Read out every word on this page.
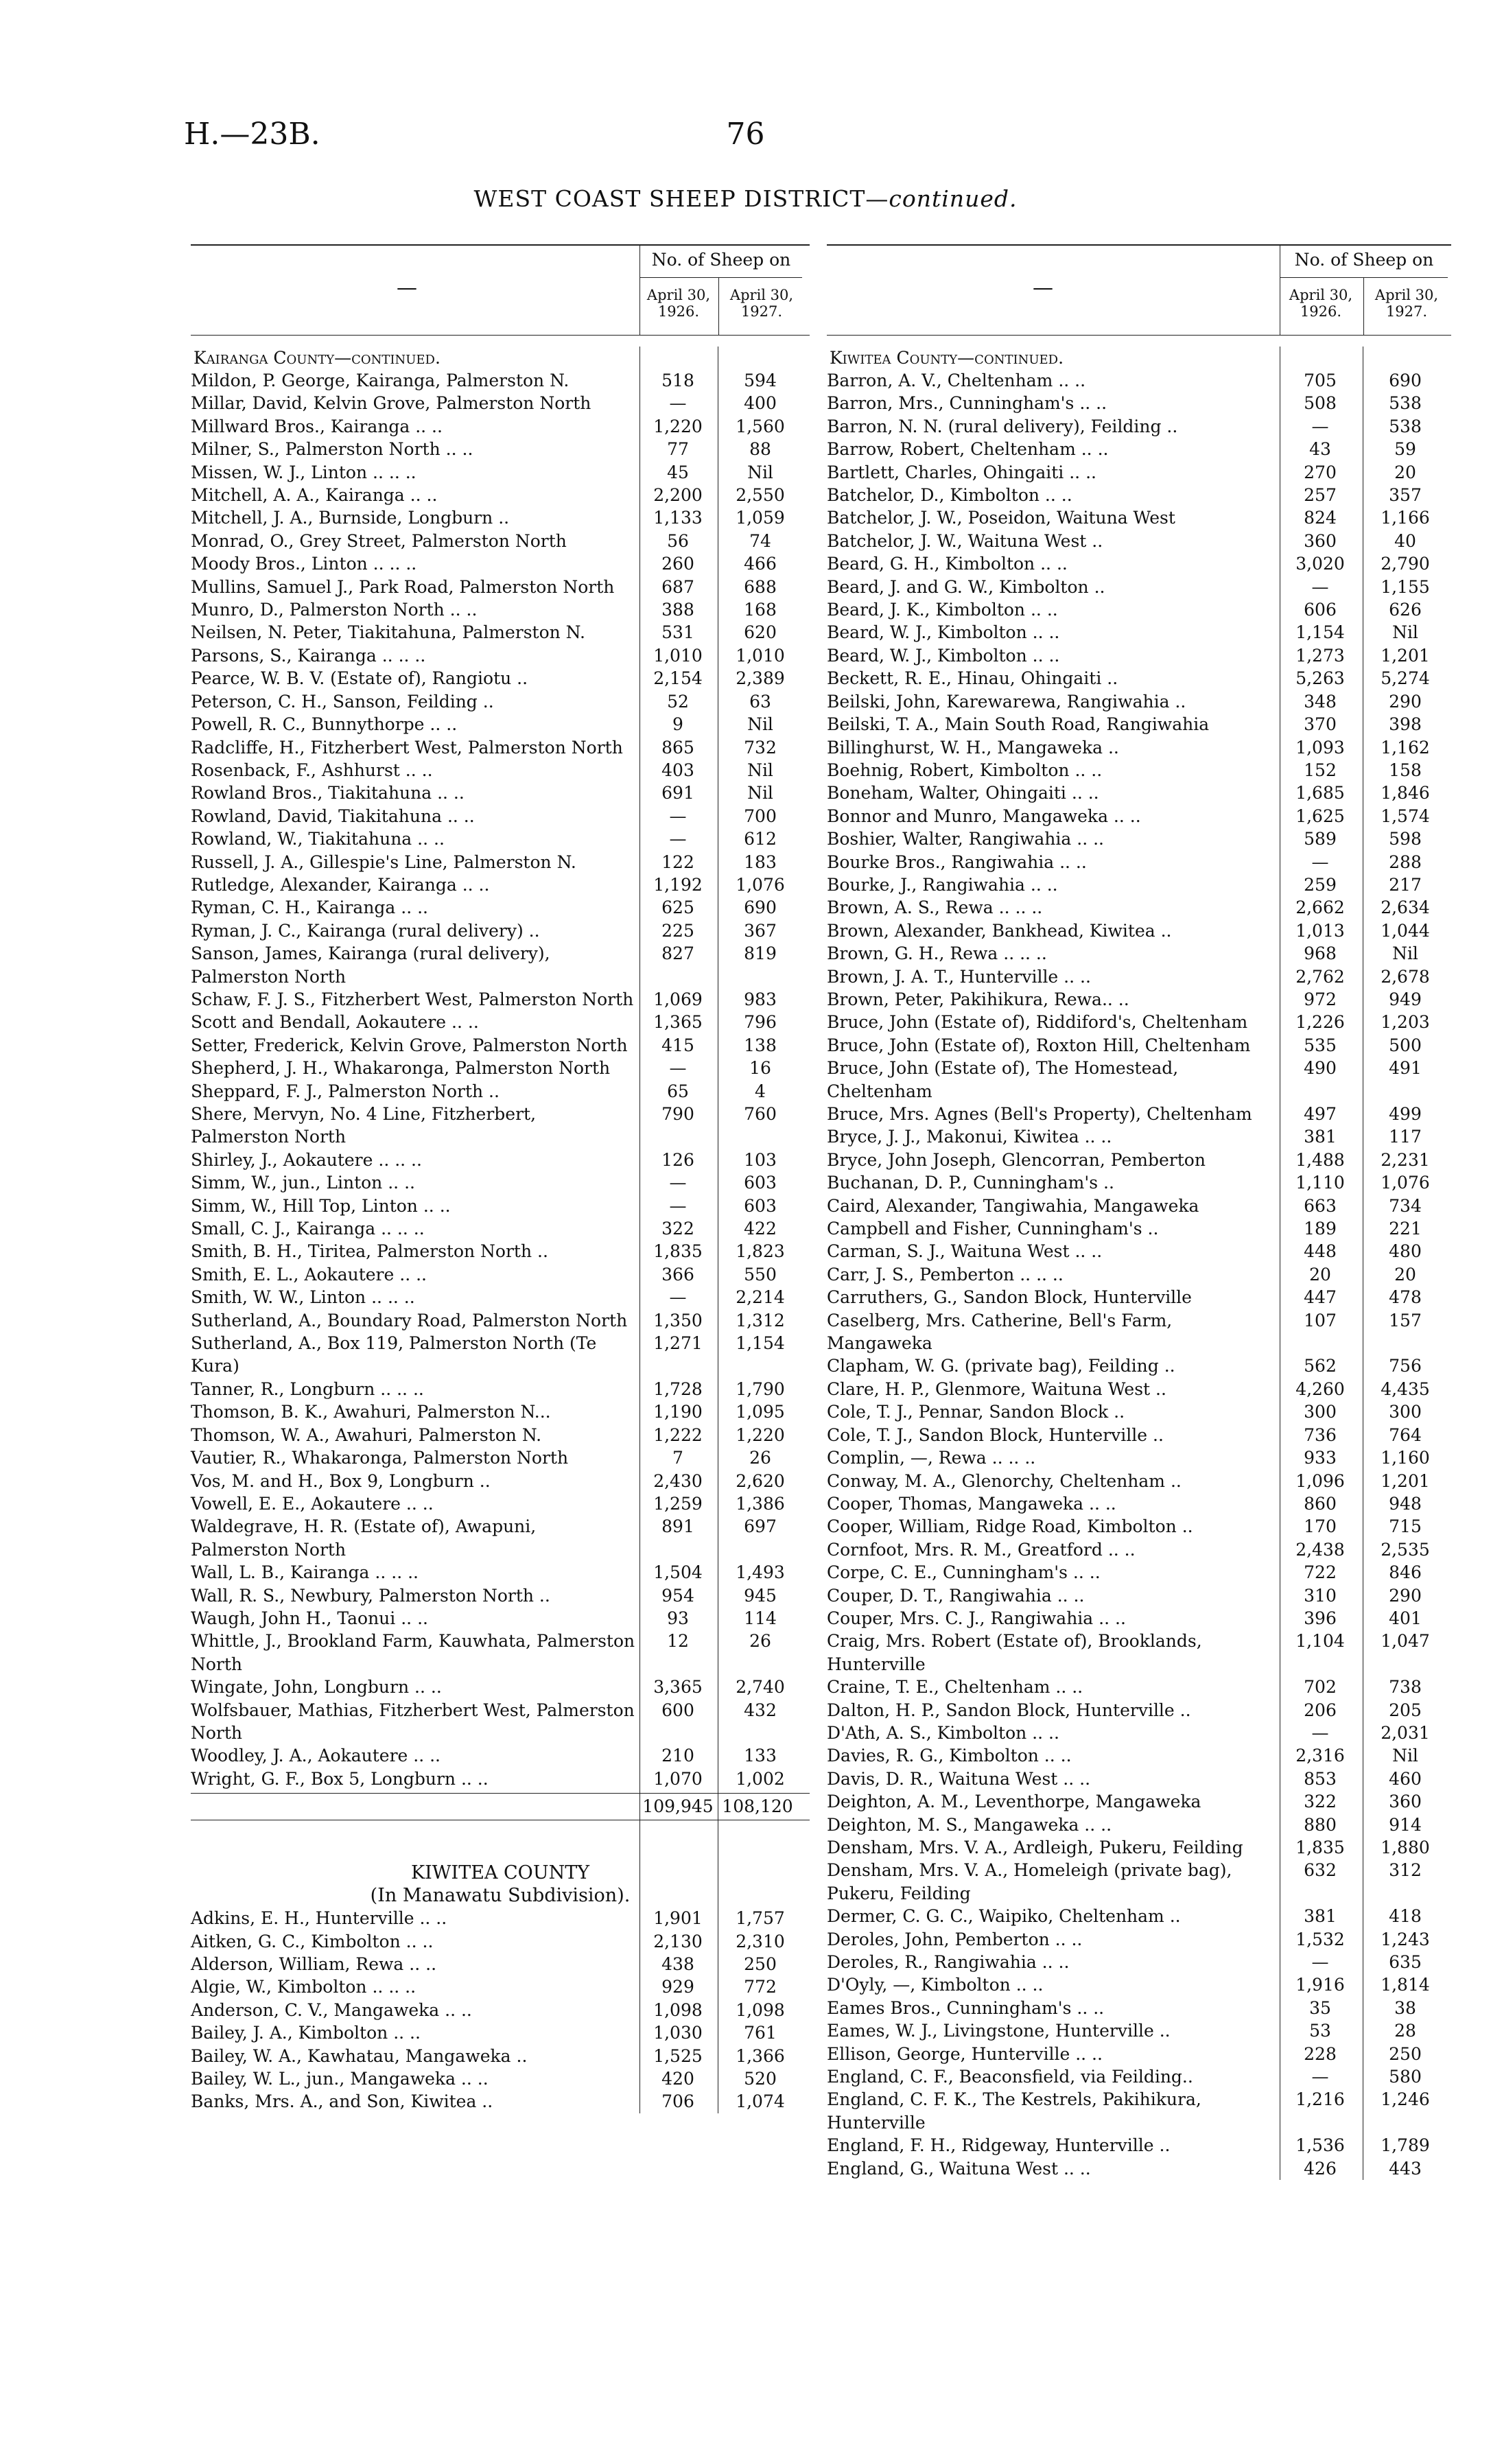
H.—23B.	76
WEST COAST SHEEP DISTRICT—continued.
—
No. of Sheep on
April 30, 1926.
April 30, 1927.
Kairanga County—continued.
Mildon, P. George, Kairanga, Palmerston N.	518	594
Millar, David, Kelvin Grove, Palmerston North	—	400
Millward Bros., Kairanga .. ..	1,220	1,560
Milner, S., Palmerston North .. ..	77	88
Missen, W. J., Linton .. .. ..	45	Nil
Mitchell, A. A., Kairanga .. ..	2,200	2,550
Mitchell, J. A., Burnside, Longburn ..	1,133	1,059
Monrad, O., Grey Street, Palmerston North	56	74
Moody Bros., Linton .. .. ..	260	466
Mullins, Samuel J., Park Road, Palmerston North	687	688
Munro, D., Palmerston North .. ..	388	168
Neilsen, N. Peter, Tiakitahuna, Palmerston N.	531	620
Parsons, S., Kairanga .. .. ..	1,010	1,010
Pearce, W. B. V. (Estate of), Rangiotu ..	2,154	2,389
Peterson, C. H., Sanson, Feilding ..	52	63
Powell, R. C., Bunnythorpe .. ..	9	Nil
Radcliffe, H., Fitzherbert West, Palmerston North	865	732
Rosenback, F., Ashhurst .. ..	403	Nil
Rowland Bros., Tiakitahuna .. ..	691	Nil
Rowland, David, Tiakitahuna .. ..	—	700
Rowland, W., Tiakitahuna .. ..	—	612
Russell, J. A., Gillespie's Line, Palmerston N.	122	183
Rutledge, Alexander, Kairanga .. ..	1,192	1,076
Ryman, C. H., Kairanga .. ..	625	690
Ryman, J. C., Kairanga (rural delivery) ..	225	367
Sanson, James, Kairanga (rural delivery), Palmerston North
827	819
Schaw, F. J. S., Fitzherbert West, Palmerston North	1,069	983
Scott and Bendall, Aokautere .. ..	1,365	796
Setter, Frederick, Kelvin Grove, Palmerston North	415	138
Shepherd, J. H., Whakaronga, Palmerston North	—	16
Sheppard, F. J., Palmerston North ..	65	4
Shere, Mervyn, No. 4 Line, Fitzherbert, Palmerston North
790	760
Shirley, J., Aokautere .. .. ..	126	103
Simm, W., jun., Linton .. ..	—	603
Simm, W., Hill Top, Linton .. ..	—	603
Small, C. J., Kairanga .. .. ..	322	422
Smith, B. H., Tiritea, Palmerston North ..	1,835	1,823
Smith, E. L., Aokautere .. ..	366	550
Smith, W. W., Linton .. .. ..	—	2,214
Sutherland, A., Boundary Road, Palmerston North	1,350	1,312
Sutherland, A., Box 119, Palmerston North (Te Kura)
1,271	1,154
Tanner, R., Longburn .. .. ..	1,728	1,790
Thomson, B. K., Awahuri, Palmerston N...	1,190	1,095
Thomson, W. A., Awahuri, Palmerston N.	1,222	1,220
Vautier, R., Whakaronga, Palmerston North	7	26
Vos, M. and H., Box 9, Longburn ..	2,430	2,620
Vowell, E. E., Aokautere .. ..	1,259	1,386
Waldegrave, H. R. (Estate of), Awapuni, Palmerston North
891	697
Wall, L. B., Kairanga .. .. ..	1,504	1,493
Wall, R. S., Newbury, Palmerston North ..	954	945
Waugh, John H., Taonui .. ..	93	114
Whittle, J., Brookland Farm, Kauwhata, Palmerston North
12	26
Wingate, John, Longburn .. ..	3,365	2,740
Wolfsbauer, Mathias, Fitzherbert West, Palmerston North
600	432
Woodley, J. A., Aokautere .. ..	210	133
Wright, G. F., Box 5, Longburn .. ..	1,070	1,002
109,945 108,120
KIWITEA COUNTY
(In Manawatu Subdivision).
Adkins, E. H., Hunterville .. ..	1,901	1,757
Aitken, G. C., Kimbolton .. ..	2,130	2,310
Alderson, William, Rewa .. ..	438	250
Algie, W., Kimbolton .. .. ..	929	772
Anderson, C. V., Mangaweka .. ..	1,098	1,098
Bailey, J. A., Kimbolton .. ..	1,030	761
Bailey, W. A., Kawhatau, Mangaweka ..	1,525	1,366
Bailey, W. L., jun., Mangaweka .. ..	420	520
Banks, Mrs. A., and Son, Kiwitea ..	706	1,074
—
No. of Sheep on
April 30, 1926.
April 30, 1927.
Kiwitea County—continued.
Barron, A. V., Cheltenham .. ..	705	690
Barron, Mrs., Cunningham's .. ..	508	538
Barron, N. N. (rural delivery), Feilding ..	—	538
Barrow, Robert, Cheltenham .. ..	43	59
Bartlett, Charles, Ohingaiti .. ..	270	20
Batchelor, D., Kimbolton .. ..	257	357
Batchelor, J. W., Poseidon, Waituna West	824	1,166
Batchelor, J. W., Waituna West ..	360	40
Beard, G. H., Kimbolton .. ..	3,020	2,790
Beard, J. and G. W., Kimbolton ..	—	1,155
Beard, J. K., Kimbolton .. ..	606	626
Beard, W. J., Kimbolton .. ..	1,154	Nil
Beard, W. J., Kimbolton .. ..	1,273	1,201
Beckett, R. E., Hinau, Ohingaiti ..	5,263	5,274
Beilski, John, Karewarewa, Rangiwahia ..	348	290
Beilski, T. A., Main South Road, Rangiwahia	370	398
Billinghurst, W. H., Mangaweka ..	1,093	1,162
Boehnig, Robert, Kimbolton .. ..	152	158
Boneham, Walter, Ohingaiti .. ..	1,685	1,846
Bonnor and Munro, Mangaweka .. ..	1,625	1,574
Boshier, Walter, Rangiwahia .. ..	589	598
Bourke Bros., Rangiwahia .. ..	—	288
Bourke, J., Rangiwahia .. ..	259	217
Brown, A. S., Rewa .. .. ..	2,662	2,634
Brown, Alexander, Bankhead, Kiwitea ..	1,013	1,044
Brown, G. H., Rewa .. .. ..	968	Nil
Brown, J. A. T., Hunterville .. ..	2,762	2,678
Brown, Peter, Pakihikura, Rewa.. ..	972	949
Bruce, John (Estate of), Riddiford's, Cheltenham	1,226	1,203
Bruce, John (Estate of), Roxton Hill, Cheltenham	535	500
Bruce, John (Estate of), The Homestead, Cheltenham
490	491
Bruce, Mrs. Agnes (Bell's Property), Cheltenham	497	499
Bryce, J. J., Makonui, Kiwitea .. ..	381	117
Bryce, John Joseph, Glencorran, Pemberton	1,488	2,231
Buchanan, D. P., Cunningham's ..	1,110	1,076
Caird, Alexander, Tangiwahia, Mangaweka	663	734
Campbell and Fisher, Cunningham's ..	189	221
Carman, S. J., Waituna West .. ..	448	480
Carr, J. S., Pemberton .. .. ..	20	20
Carruthers, G., Sandon Block, Hunterville	447	478
Caselberg, Mrs. Catherine, Bell's Farm, Mangaweka
107	157
Clapham, W. G. (private bag), Feilding ..	562	756
Clare, H. P., Glenmore, Waituna West ..	4,260	4,435
Cole, T. J., Pennar, Sandon Block ..	300	300
Cole, T. J., Sandon Block, Hunterville ..	736	764
Complin, —, Rewa .. .. ..	933	1,160
Conway, M. A., Glenorchy, Cheltenham ..	1,096	1,201
Cooper, Thomas, Mangaweka .. ..	860	948
Cooper, William, Ridge Road, Kimbolton ..	170	715
Cornfoot, Mrs. R. M., Greatford .. ..	2,438	2,535
Corpe, C. E., Cunningham's .. ..	722	846
Couper, D. T., Rangiwahia .. ..	310	290
Couper, Mrs. C. J., Rangiwahia .. ..	396	401
Craig, Mrs. Robert (Estate of), Brooklands, Hunterville
1,104	1,047
Craine, T. E., Cheltenham .. ..	702	738
Dalton, H. P., Sandon Block, Hunterville ..	206	205
D'Ath, A. S., Kimbolton .. ..	—	2,031
Davies, R. G., Kimbolton .. ..	2,316	Nil
Davis, D. R., Waituna West .. ..	853	460
Deighton, A. M., Leventhorpe, Mangaweka	322	360
Deighton, M. S., Mangaweka .. ..	880	914
Densham, Mrs. V. A., Ardleigh, Pukeru, Feilding	1,835	1,880
Densham, Mrs. V. A., Homeleigh (private bag), Pukeru, Feilding
632	312
Dermer, C. G. C., Waipiko, Cheltenham ..	381	418
Deroles, John, Pemberton .. ..	1,532	1,243
Deroles, R., Rangiwahia .. ..	—	635
D'Oyly, —, Kimbolton .. ..	1,916	1,814
Eames Bros., Cunningham's .. ..	35	38
Eames, W. J., Livingstone, Hunterville ..	53	28
Ellison, George, Hunterville .. ..	228	250
England, C. F., Beaconsfield, via Feilding..	—	580
England, C. F. K., The Kestrels, Pakihikura, Hunterville
1,216	1,246
England, F. H., Ridgeway, Hunterville ..	1,536	1,789
England, G., Waituna West .. ..	426	443
